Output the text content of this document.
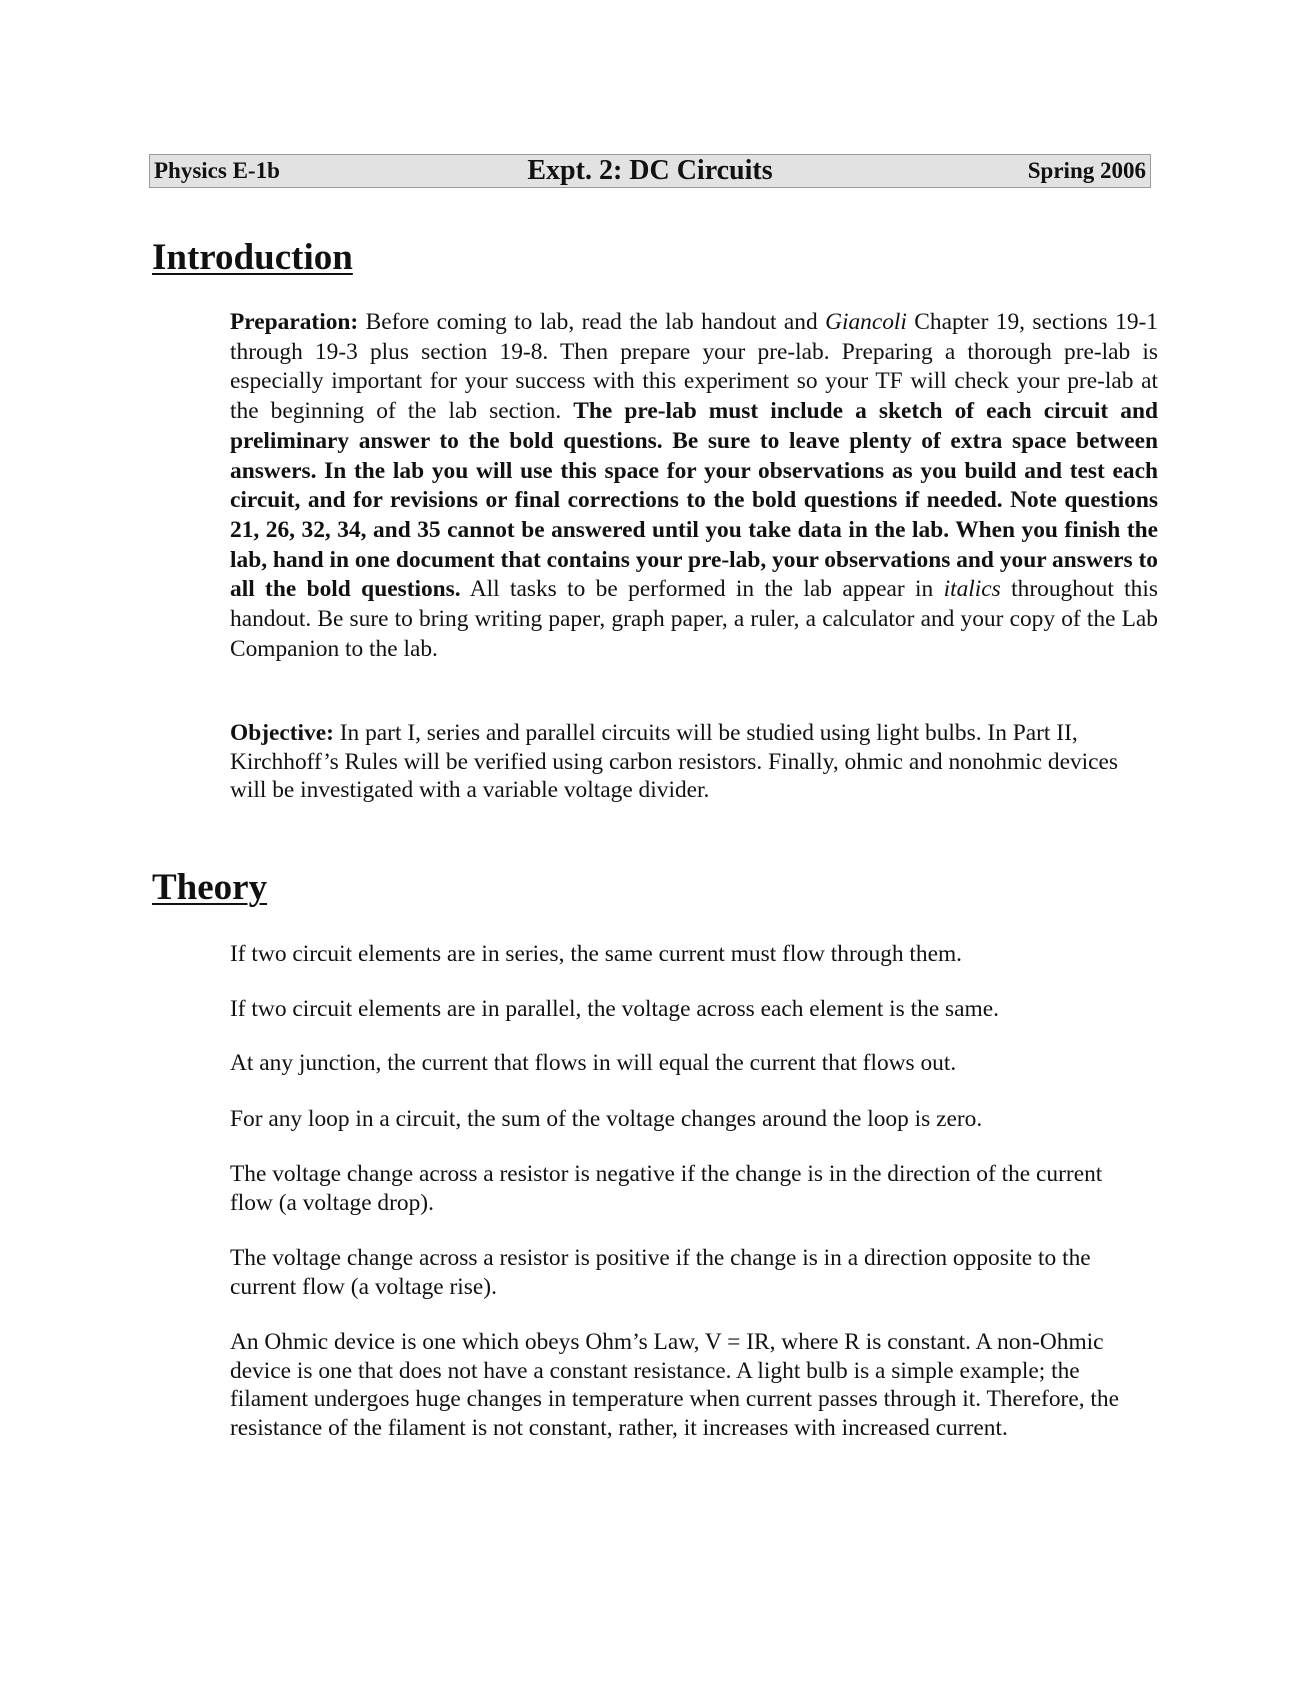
Physics E-1b	Expt. 2: DC Circuits	Spring 2006
Introduction

Preparation: Before coming to lab, read the lab handout and Giancoli Chapter 19, sections 19-1 through 19-3 plus section 19-8. Then prepare your pre-lab. Preparing a thorough pre-lab is especially important for your success with this experiment so your TF will check your pre-lab at the beginning of the lab section. The pre-lab must include a sketch of each circuit and preliminary answer to the bold questions. Be sure to leave plenty of extra space between answers. In the lab you will use this space for your observations as you build and test each circuit, and for revisions or final corrections to the bold questions if needed. Note questions 21, 26, 32, 34, and 35 cannot be answered until you take data in the lab. When you finish the lab, hand in one document that contains your pre-lab, your observations and your answers to all the bold questions. All tasks to be performed in the lab appear in italics throughout this handout. Be sure to bring writing paper, graph paper, a ruler, a calculator and your copy of the Lab Companion to the lab.

Objective: In part I, series and parallel circuits will be studied using light bulbs. In Part II, Kirchhoff’s Rules will be verified using carbon resistors. Finally, ohmic and nonohmic devices will be investigated with a variable voltage divider.

Theory

If two circuit elements are in series, the same current must flow through them.

If two circuit elements are in parallel, the voltage across each element is the same.

At any junction, the current that flows in will equal the current that flows out.

For any loop in a circuit, the sum of the voltage changes around the loop is zero.

The voltage change across a resistor is negative if the change is in the direction of the current flow (a voltage drop).

The voltage change across a resistor is positive if the change is in a direction opposite to the current flow (a voltage rise).

An Ohmic device is one which obeys Ohm’s Law, V = IR, where R is constant. A non-Ohmic device is one that does not have a constant resistance. A light bulb is a simple example; the filament undergoes huge changes in temperature when current passes through it. Therefore, the resistance of the filament is not constant, rather, it increases with increased current.
